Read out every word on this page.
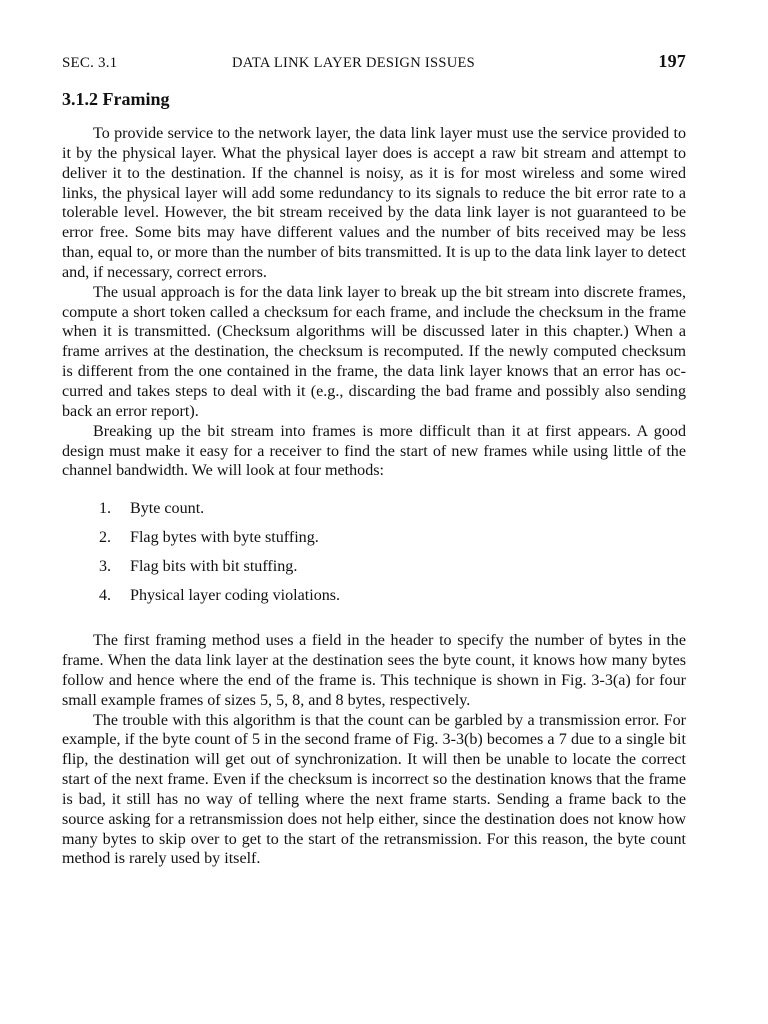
SEC. 3.1	DATA LINK LAYER DESIGN ISSUES	197
3.1.2 Framing

To provide service to the network layer, the data link layer must use the service provided to it by the physical layer. What the physical layer does is accept a raw bit stream and attempt to deliver it to the destination. If the channel is noisy, as it is for most wireless and some wired links, the physical layer will add some redundancy to its signals to reduce the bit error rate to a tolerable level. However, the bit stream received by the data link layer is not guaranteed to be error free. Some bits may have different values and the number of bits received may be less than, equal to, or more than the number of bits transmitted. It is up to the data link layer to detect and, if necessary, correct errors.

The usual approach is for the data link layer to break up the bit stream into discrete frames, compute a short token called a checksum for each frame, and include the checksum in the frame when it is transmitted. (Checksum algorithms will be discussed later in this chapter.) When a frame arrives at the destination, the checksum is recomputed. If the newly computed checksum is different from the one contained in the frame, the data link layer knows that an error has occurred and takes steps to deal with it (e.g., discarding the bad frame and possibly also sending back an error report).

Breaking up the bit stream into frames is more difficult than it at first appears. A good design must make it easy for a receiver to find the start of new frames while using little of the channel bandwidth. We will look at four methods:

1.	Byte count.
2.	Flag bytes with byte stuffing.
3.	Flag bits with bit stuffing.
4.	Physical layer coding violations.

The first framing method uses a field in the header to specify the number of bytes in the frame. When the data link layer at the destination sees the byte count, it knows how many bytes follow and hence where the end of the frame is. This technique is shown in Fig. 3-3(a) for four small example frames of sizes 5, 5, 8, and 8 bytes, respectively.

The trouble with this algorithm is that the count can be garbled by a transmission error. For example, if the byte count of 5 in the second frame of Fig. 3-3(b) becomes a 7 due to a single bit flip, the destination will get out of synchronization. It will then be unable to locate the correct start of the next frame. Even if the checksum is incorrect so the destination knows that the frame is bad, it still has no way of telling where the next frame starts. Sending a frame back to the source asking for a retransmission does not help either, since the destination does not know how many bytes to skip over to get to the start of the retransmission. For this reason, the byte count method is rarely used by itself.
